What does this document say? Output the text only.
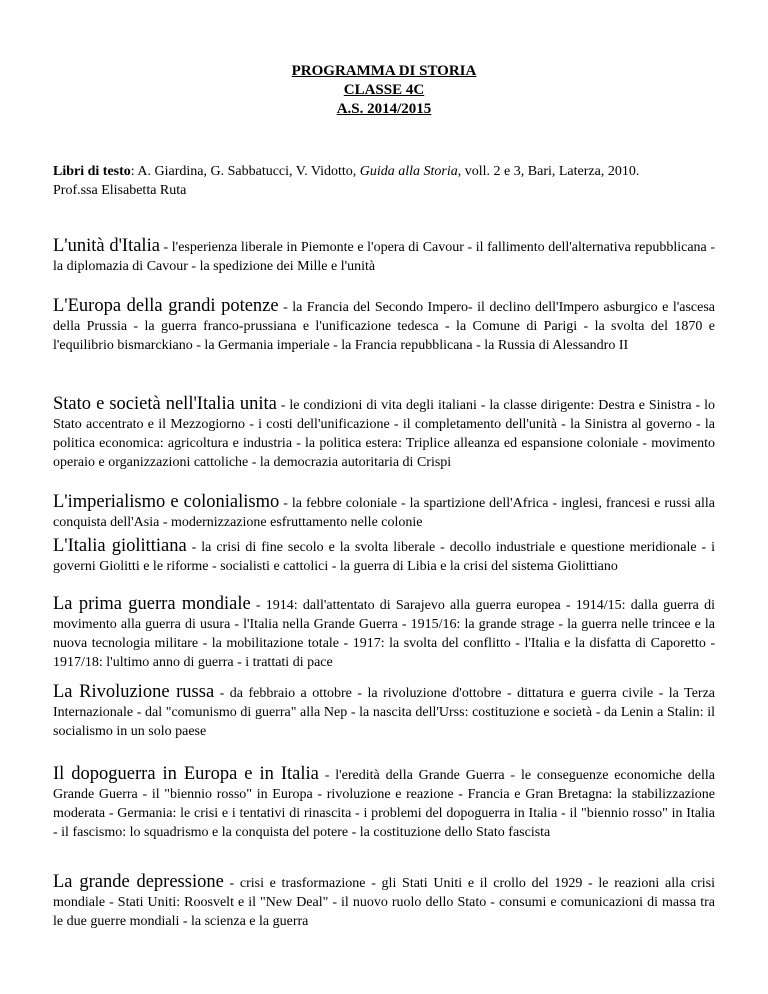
PROGRAMMA DI STORIA
CLASSE 4C
A.S. 2014/2015
Libri di testo: A. Giardina, G. Sabbatucci, V. Vidotto, Guida alla Storia, voll. 2 e 3, Bari, Laterza, 2010.
Prof.ssa Elisabetta Ruta
L'unità d'Italia - l'esperienza liberale in Piemonte e l'opera di Cavour - il fallimento dell'alternativa repubblicana - la diplomazia di Cavour - la spedizione dei Mille e l'unità
L'Europa della grandi potenze - la Francia del Secondo Impero- il declino dell'Impero asburgico e l'ascesa della Prussia - la guerra franco-prussiana e l'unificazione tedesca - la Comune di Parigi - la svolta del 1870 e l'equilibrio bismarckiano - la Germania imperiale - la Francia repubblicana - la Russia di Alessandro II
Stato e società nell'Italia unita - le condizioni di vita degli italiani - la classe dirigente: Destra e Sinistra - lo Stato accentrato e il Mezzogiorno - i costi dell'unificazione - il completamento dell'unità - la Sinistra al governo - la politica economica: agricoltura e industria - la politica estera: Triplice alleanza ed espansione coloniale - movimento operaio e organizzazioni cattoliche - la democrazia autoritaria di Crispi
L'imperialismo e colonialismo - la febbre coloniale - la spartizione dell'Africa - inglesi, francesi e russi alla conquista dell'Asia - modernizzazione esfruttamento nelle colonie
L'Italia giolittiana - la crisi di fine secolo e la svolta liberale - decollo industriale e questione meridionale - i governi Giolitti e le riforme - socialisti e cattolici - la guerra di Libia e la crisi del sistema Giolittiano
La prima guerra mondiale - 1914: dall'attentato di Sarajevo alla guerra europea - 1914/15: dalla guerra di movimento alla guerra di usura - l'Italia nella Grande Guerra - 1915/16: la grande strage - la guerra nelle trincee e la nuova tecnologia militare - la mobilitazione totale - 1917: la svolta del conflitto - l'Italia e la disfatta di Caporetto - 1917/18: l'ultimo anno di guerra - i trattati di pace
La Rivoluzione russa - da febbraio a ottobre - la rivoluzione d'ottobre - dittatura e guerra civile - la Terza Internazionale - dal "comunismo di guerra" alla Nep - la nascita dell'Urss: costituzione e società - da Lenin a Stalin: il socialismo in un solo paese
Il dopoguerra in Europa e in Italia - l'eredità della Grande Guerra - le conseguenze economiche della Grande Guerra - il "biennio rosso" in Europa - rivoluzione e reazione - Francia e Gran Bretagna: la stabilizzazione moderata - Germania: le crisi e i tentativi di rinascita - i problemi del dopoguerra in Italia - il "biennio rosso" in Italia - il fascismo: lo squadrismo e la conquista del potere - la costituzione dello Stato fascista
La grande depressione - crisi e trasformazione - gli Stati Uniti e il crollo del 1929 - le reazioni alla crisi mondiale - Stati Uniti: Roosvelt e il "New Deal" - il nuovo ruolo dello Stato - consumi e comunicazioni di massa tra le due guerre mondiali - la scienza e la guerra
